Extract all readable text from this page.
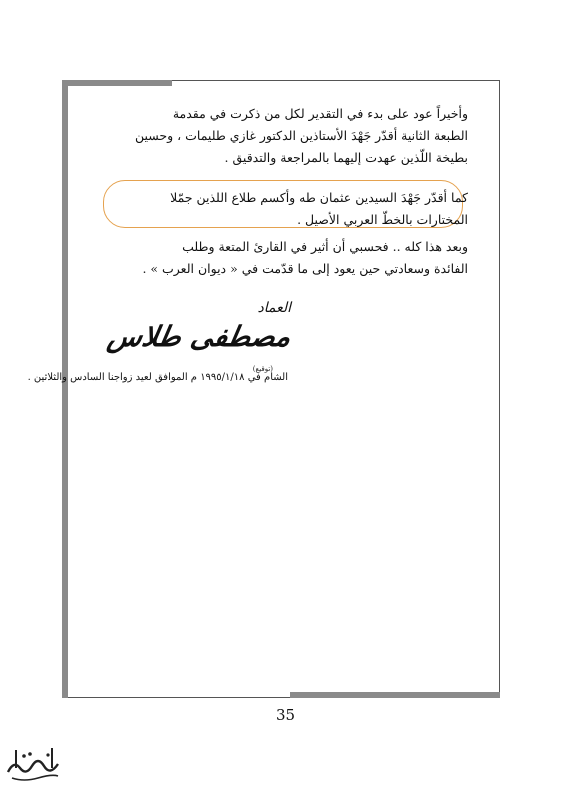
وأخيراً عود على بدء في التقدير لكل من ذكرت في مقدمة
الطبعة الثانية أقدّر جَهْدَ الأستاذين الدكتور غازي طليمات ، وحسين
بطيخة اللّذين عهدت إليهما بالمراجعة والتدقيق .
كما أقدّر جَهْدَ السيدين عثمان طه وأكسم طلاع اللذين جمّلا
المختارات بالخطّ العربي الأصيل .
وبعد هذا كله .. فحسبي أن أثير في القارئ المتعة وطلب
الفائدة وسعادتي حين يعود إلى ما قدّمت في « ديوان العرب » .
العماد
مصطفى طلاس
(توقيع)
الشام في ١٩٩٥/١/١٨ م الموافق لعيد زواجنا السادس والثلاثين .
35
